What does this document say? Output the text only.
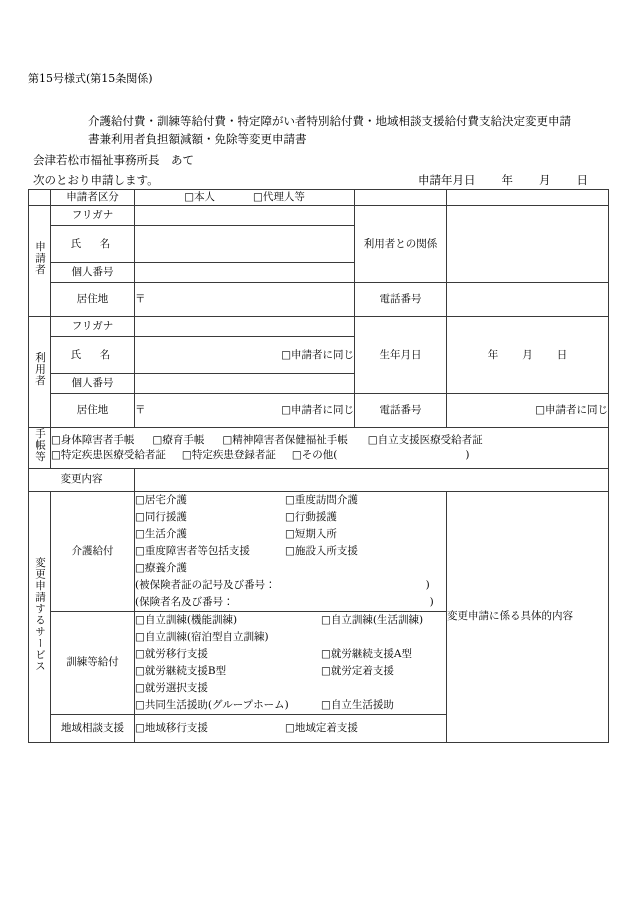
第15号様式(第15条関係)
介護給付費・訓練等給付費・特定障がい者特別給付費・地域相談支援給付費支給決定変更申請
書兼利用者負担額減額・免除等変更申請書
会津若松市福祉事務所長　あて
次のとおり申請します。	申請年月日 年 月 日
	申請者区分	□本人 □代理人等		
申請者	フリガナ		利用者との関係	
	氏　名			
	個人番号			
	居住地	〒	電話番号	
利用者	フリガナ		生年月日	年 月 日
	氏　名	□申請者に同じ		
	個人番号			
	居住地	〒 □申請者に同じ	電話番号	□申請者に同じ
手帳等	□身体障害者手帳 □療育手帳 □精神障害者保健福祉手帳 □自立支援医療受給者証
□特定疾患医療受給者証 □特定疾患登録者証 □その他( )			

変更内容				
変更申請するサービス	介護給付	
□居宅介護	□重度訪問介護
□同行援護	□行動援護
□生活介護	□短期入所
□重度障害者等包括支援	□施設入所支援
□療養介護
(被保険者証の記号及び番号：	)
(保険者名及び番号：	)
	変更申請に係る具体的内容
訓練等給付	
□自立訓練(機能訓練)	□自立訓練(生活訓練)
□自立訓練(宿泊型自立訓練)
□就労移行支援	□就労継続支援A型
□就労継続支援B型	□就労定着支援
□就労選択支援
□共同生活援助(グループホーム)	□自立生活援助

	地域相談支援	□地域移行支援 □地域定着支援		
